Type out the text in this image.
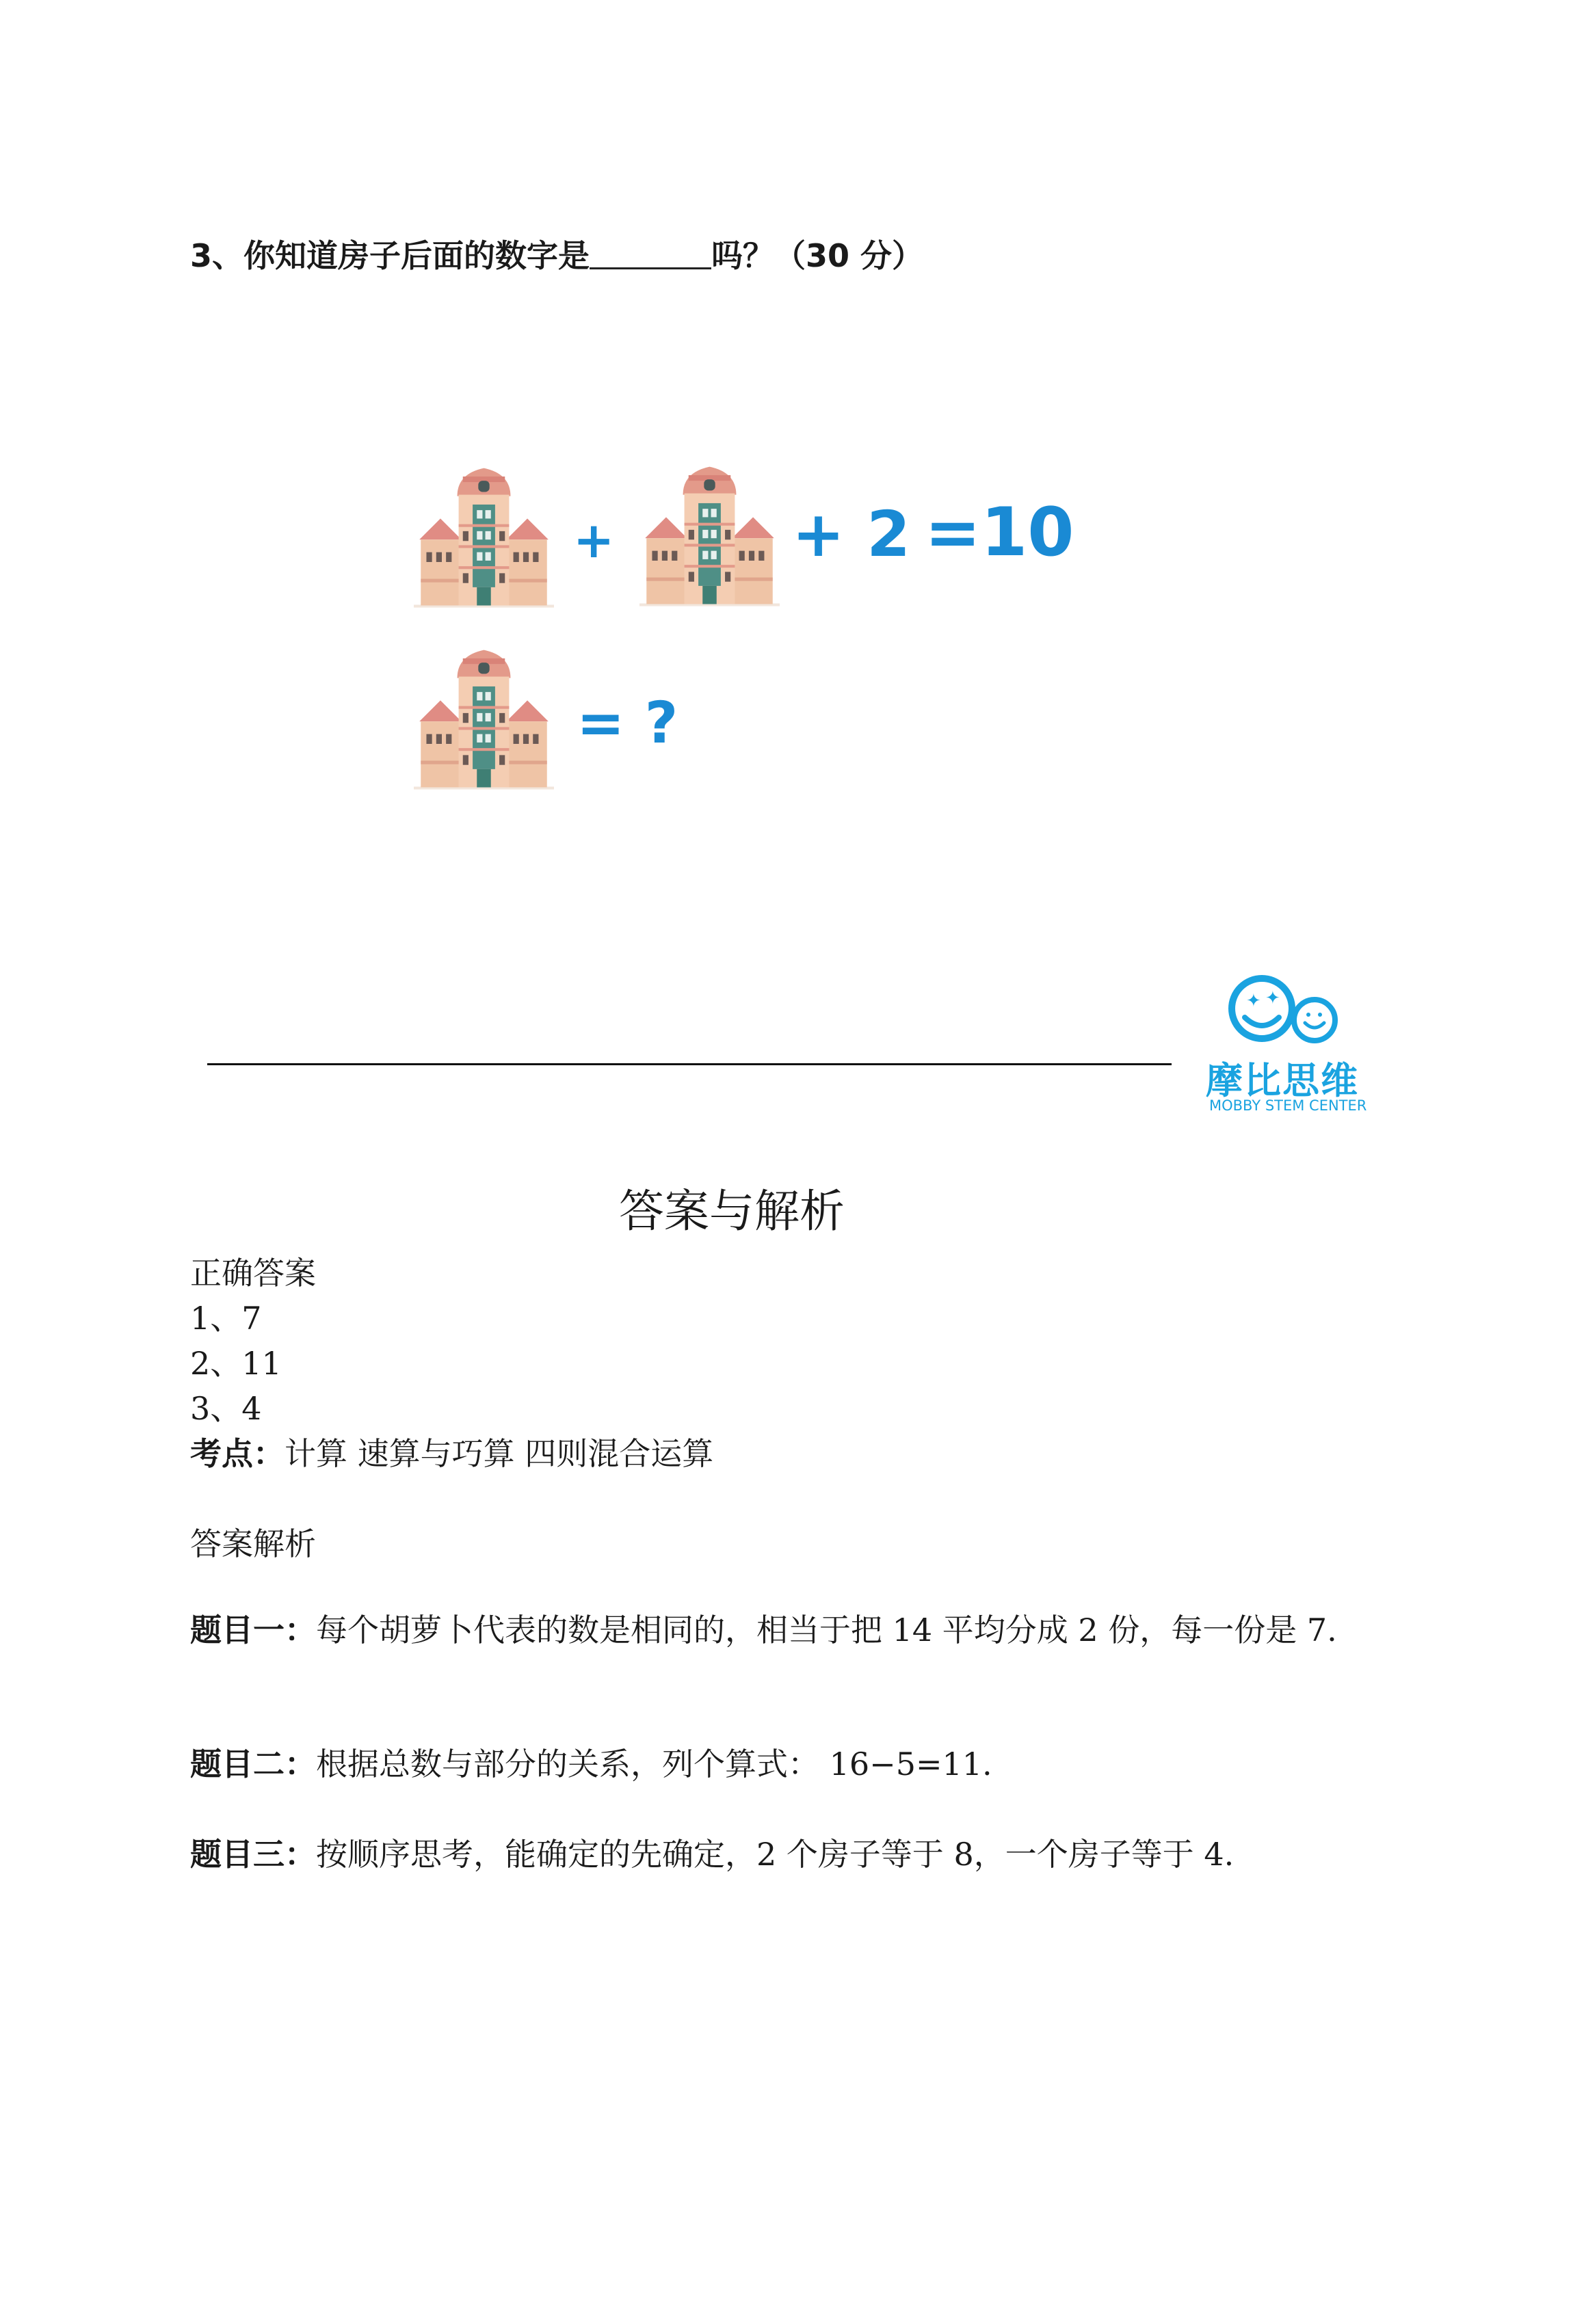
3、你知道房子后面的数字是	吗？（30 分）
+	+ 2 =10
= ?
✦ ✦
摩比思维
MOBBY STEM CENTER
答案与解析
正确答案
1、7
2、11
3、4
考点：计算 速算与巧算 四则混合运算
答案解析
题目一：每个胡萝卜代表的数是相同的，相当于把 14 平均分成 2 份，每一份是 7.
题目二：根据总数与部分的关系，列个算式： 16−5=11.
题目三：按顺序思考，能确定的先确定，2 个房子等于 8，一个房子等于 4.
